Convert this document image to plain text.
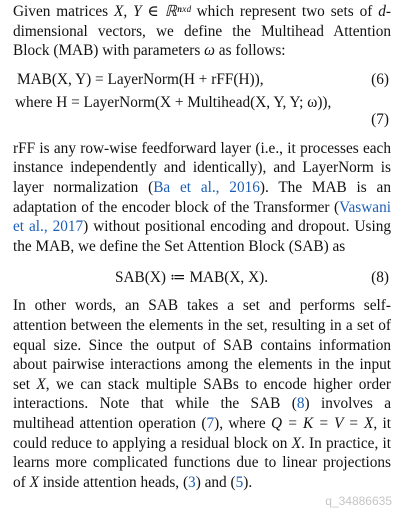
Given matrices X, Y ∈ ℝⁿˣᵈ which represent two sets of d-dimensional vectors, we define the Multihead Attention Block (MAB) with parameters ω as follows:

MAB(X, Y) = LayerNorm(H + rFF(H)),	(6)
where H = LayerNorm(X + Multihead(X, Y, Y; ω)),
(7)

rFF is any row-wise feedforward layer (i.e., it processes each instance independently and identically), and LayerNorm is layer normalization (Ba et al., 2016). The MAB is an adaptation of the encoder block of the Transformer (Vaswani et al., 2017) without positional encoding and dropout. Using the MAB, we define the Set Attention Block (SAB) as

SAB(X) ≔ MAB(X, X).	(8)

In other words, an SAB takes a set and performs self-attention between the elements in the set, resulting in a set of equal size. Since the output of SAB contains information about pairwise interactions among the elements in the input set X, we can stack multiple SABs to encode higher order interactions. Note that while the SAB (8) involves a multihead attention operation (7), where Q = K = V = X, it could reduce to applying a residual block on X. In practice, it learns more complicated functions due to linear projections of X inside attention heads, (3) and (5).

q_34886635
